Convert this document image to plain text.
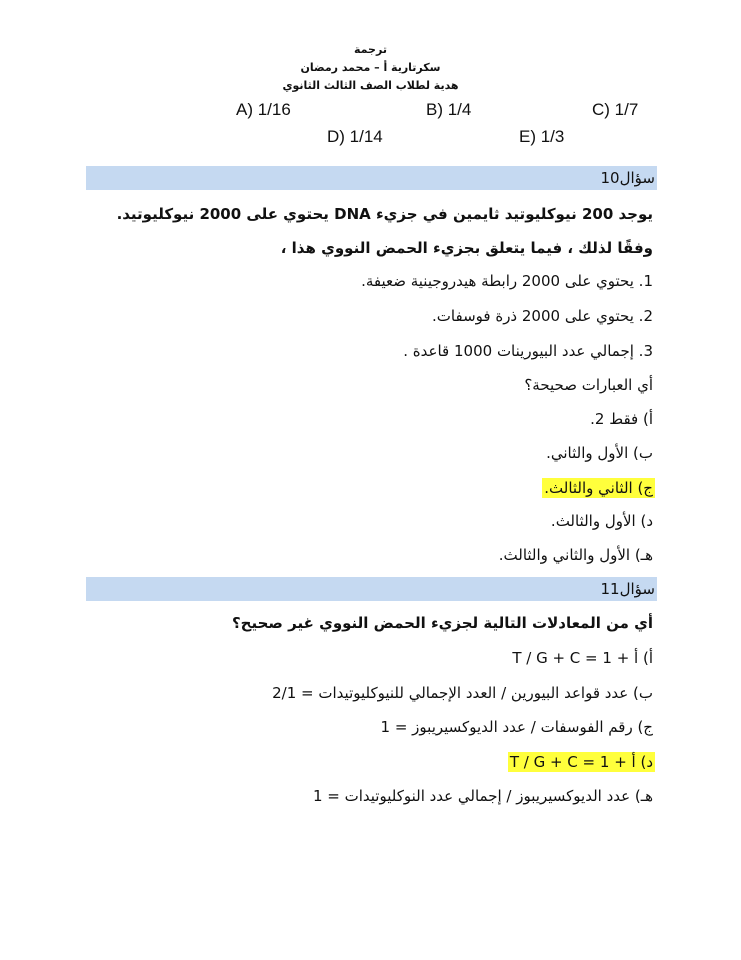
ترجمة
سكرتارية أ – محمد رمضان
هدية لطلاب الصف الثالث الثانوي
A) 1/16	B) 1/4	C) 1/7
D) 1/14	E) 1/3
سؤال10
يوجد 200 نيوكليوتيد ثايمين في جزيء DNA يحتوي على 2000 نيوكليوتيد.
وفقًا لذلك ، فيما يتعلق بجزيء الحمض النووي هذا ،
1. يحتوي على 2000 رابطة هيدروجينية ضعيفة.
2. يحتوي على 2000 ذرة فوسفات.
3. إجمالي عدد البيورينات 1000 قاعدة .
أي العبارات صحيحة؟
أ) فقط 2.
ب) الأول والثاني.
ج) الثاني والثالث.
د) الأول والثالث.
هـ) الأول والثاني والثالث.
سؤال11
أي من المعادلات التالية لجزيء الحمض النووي غير صحيح؟
أ) أ + T / G + C = 1
ب) عدد قواعد البيورين / العدد الإجمالي للنيوكليوتيدات = 2/1
ج) رقم الفوسفات / عدد الديوكسيريبوز = 1
د) أ + T / G + C = 1
هـ) عدد الديوكسيريبوز / إجمالي عدد النوكليوتيدات = 1
